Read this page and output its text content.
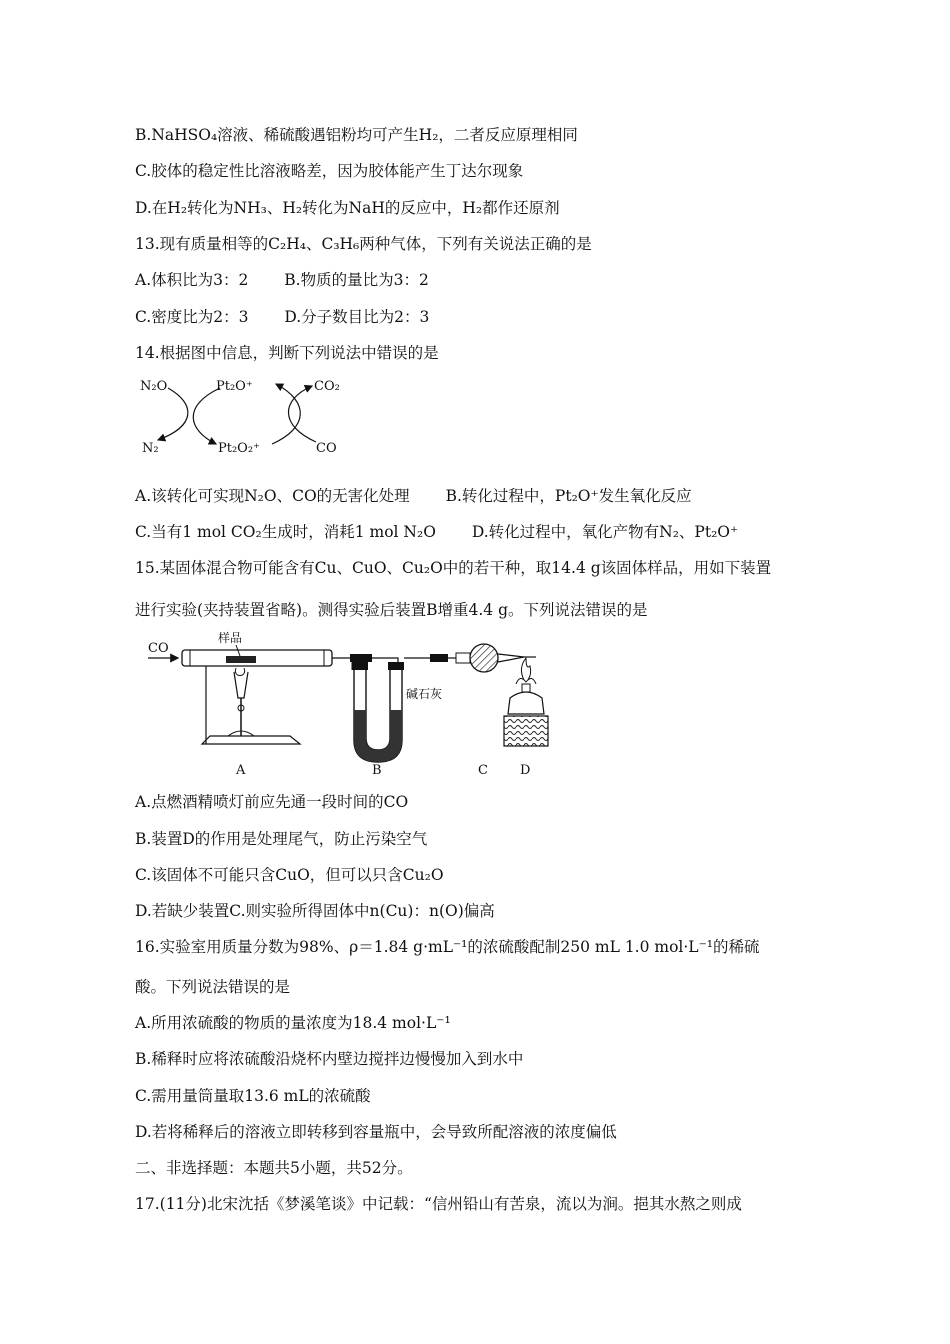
B.NaHSO₄溶液、稀硫酸遇铝粉均可产生H₂，二者反应原理相同
C.胶体的稳定性比溶液略差，因为胶体能产生丁达尔现象
D.在H₂转化为NH₃、H₂转化为NaH的反应中，H₂都作还原剂
13.现有质量相等的C₂H₄、C₃H₆两种气体，下列有关说法正确的是
A.体积比为3：2　　 B.物质的量比为3：2
C.密度比为2：3　　 D.分子数目比为2：3
14.根据图中信息，判断下列说法中错误的是
N₂O
N₂
Pt₂O⁺
Pt₂O₂⁺
CO₂
CO
A.该转化可实现N₂O、CO的无害化处理　　 B.转化过程中，Pt₂O⁺发生氧化反应
C.当有1 mol CO₂生成时，消耗1 mol N₂O　　 D.转化过程中，氧化产物有N₂、Pt₂O⁺
15.某固体混合物可能含有Cu、CuO、Cu₂O中的若干种，取14.4 g该固体样品，用如下装置
进行实验(夹持装置省略)。测得实验后装置B增重4.4 g。下列说法错误的是
CO
样品
碱石灰
A	B	C D
A.点燃酒精喷灯前应先通一段时间的CO
B.装置D的作用是处理尾气，防止污染空气
C.该固体不可能只含CuO，但可以只含Cu₂O
D.若缺少装置C.则实验所得固体中n(Cu)：n(O)偏高
16.实验室用质量分数为98%、ρ＝1.84 g·mL⁻¹的浓硫酸配制250 mL 1.0 mol·L⁻¹的稀硫
酸。下列说法错误的是
A.所用浓硫酸的物质的量浓度为18.4 mol·L⁻¹
B.稀释时应将浓硫酸沿烧杯内壁边搅拌边慢慢加入到水中
C.需用量筒量取13.6 mL的浓硫酸
D.若将稀释后的溶液立即转移到容量瓶中，会导致所配溶液的浓度偏低
二、非选择题：本题共5小题，共52分。
17.(11分)北宋沈括《梦溪笔谈》中记载：“信州铅山有苦泉，流以为涧。挹其水熬之则成
